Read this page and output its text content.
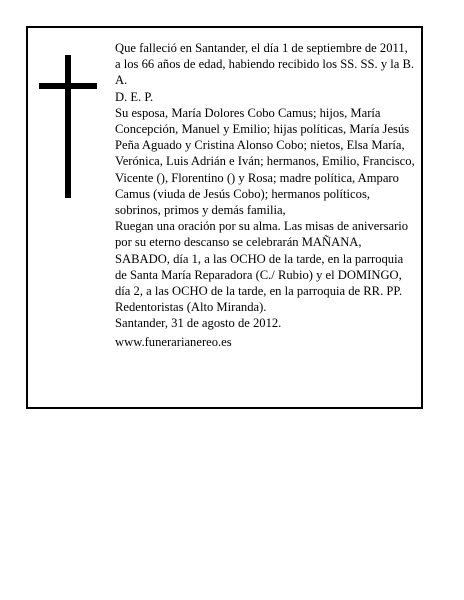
Que falleció en Santander, el día 1 de septiembre de 2011, a los 66 años de edad, habiendo recibido los SS. SS. y la B. A.

D. E. P.

Su esposa, María Dolores Cobo Camus; hijos, María Concepción, Manuel y Emilio; hijas políticas, María Jesús Peña Aguado y Cristina Alonso Cobo; nietos, Elsa María, Verónica, Luis Adrián e Iván; hermanos, Emilio, Francisco, Vicente (), Florentino () y Rosa; madre política, Amparo Camus (viuda de Jesús Cobo); hermanos políticos, sobrinos, primos y demás familia,

Ruegan una oración por su alma. Las misas de aniversario por su eterno descanso se celebrarán MAÑANA, SABADO, día 1, a las OCHO de la tarde, en la parroquia de Santa María Reparadora (C./ Rubio) y el DOMINGO, día 2, a las OCHO de la tarde, en la parroquia de RR. PP. Redentoristas (Alto Miranda).

Santander, 31 de agosto de 2012.

www.funerarianereo.es
